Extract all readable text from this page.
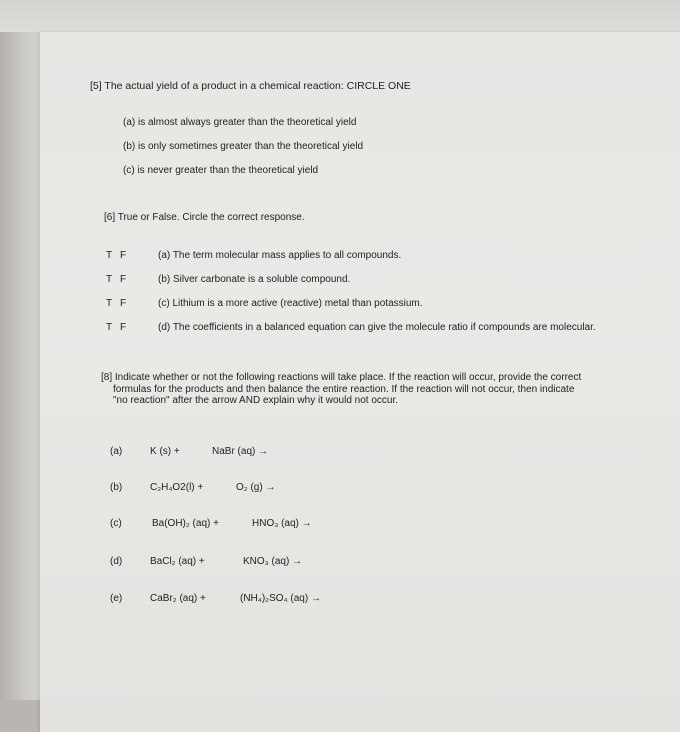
[5] The actual yield of a product in a chemical reaction: CIRCLE ONE
(a) is almost always greater than the theoretical yield
(b) is only sometimes greater than the theoretical yield
(c) is never greater than the theoretical yield
[6] True or False. Circle the correct response.
T F	(a) The term molecular mass applies to all compounds.
T F	(b) Silver carbonate is a soluble compound.
T F	(c) Lithium is a more active (reactive) metal than potassium.
T F	(d) The coefficients in a balanced equation can give the molecule ratio if compounds are molecular.

[8] Indicate whether or not the following reactions will take place. If the reaction will occur, provide the correct

formulas for the products and then balance the entire reaction. If the reaction will not occur, then indicate

"no reaction" after the arrow AND explain why it would not occur.

(a)	K (s) +	NaBr (aq) →
(b)	C₂H₄O2(l) +	O₂ (g) →
(c)	Ba(OH)₂ (aq) +	HNO₃ (aq) →
(d)	BaCl₂ (aq) +	KNO₃ (aq) →
(e)	CaBr₂ (aq) +	(NH₄)₂SO₄ (aq) →
